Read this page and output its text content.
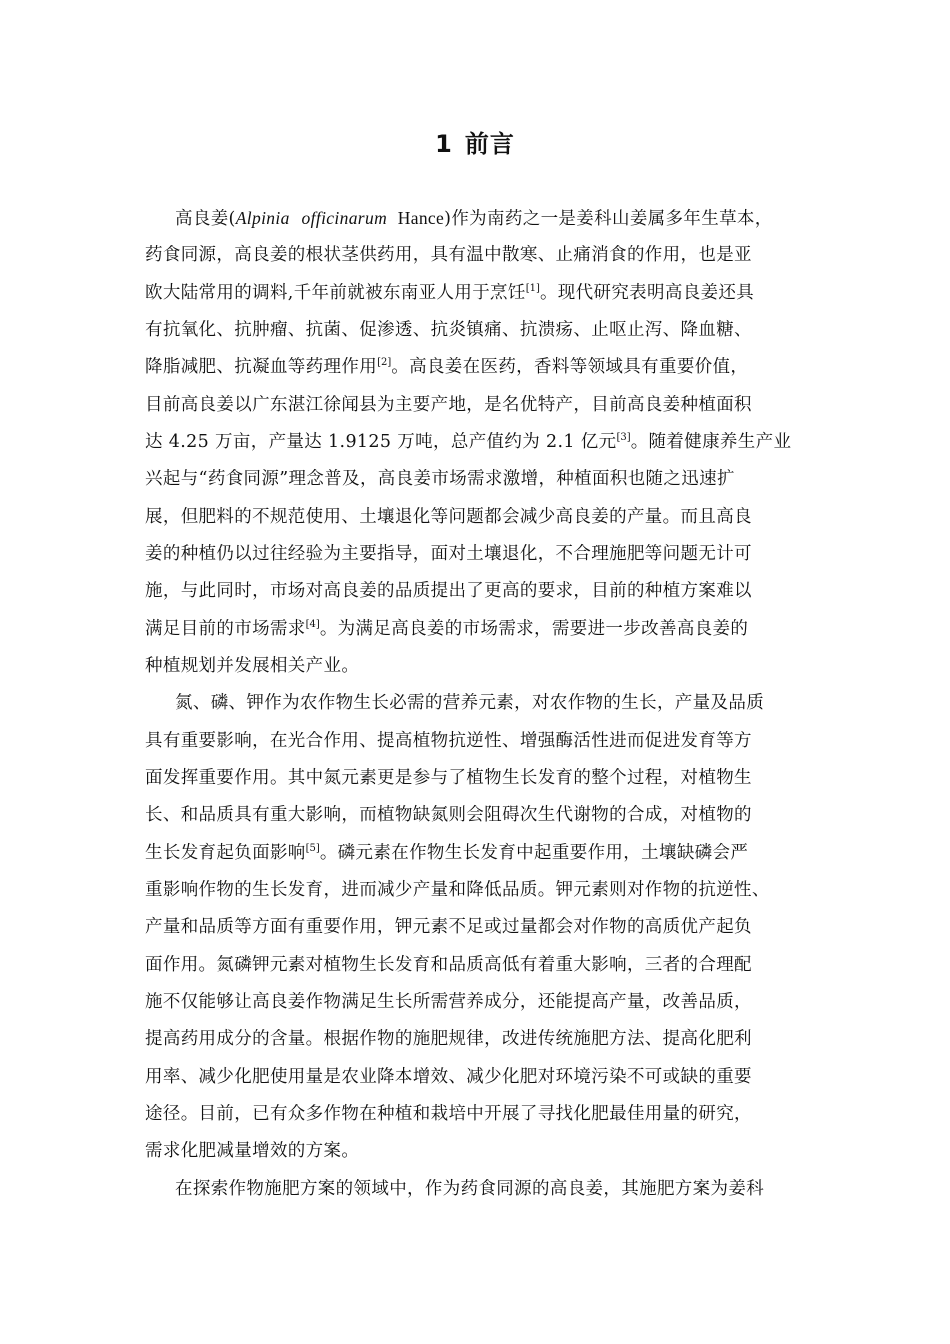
1 前言
高良姜(Alpinia officinarum  Hance)作为南药之一是姜科山姜属多年生草本，
药食同源，高良姜的根状茎供药用，具有温中散寒、止痛消食的作用，也是亚
欧大陆常用的调料,千年前就被东南亚人用于烹饪[1]。现代研究表明高良姜还具
有抗氧化、抗肿瘤、抗菌、促渗透、抗炎镇痛、抗溃疡、止呕止泻、降血糖、
降脂减肥、抗凝血等药理作用[2]。高良姜在医药，香料等领域具有重要价值，
目前高良姜以广东湛江徐闻县为主要产地，是名优特产，目前高良姜种植面积
达 4.25 万亩，产量达 1.9125 万吨，总产值约为 2.1 亿元[3]。随着健康养生产业
兴起与“药食同源”理念普及，高良姜市场需求激增，种植面积也随之迅速扩
展，但肥料的不规范使用、土壤退化等问题都会减少高良姜的产量。而且高良
姜的种植仍以过往经验为主要指导，面对土壤退化，不合理施肥等问题无计可
施，与此同时，市场对高良姜的品质提出了更高的要求，目前的种植方案难以
满足目前的市场需求[4]。为满足高良姜的市场需求，需要进一步改善高良姜的
种植规划并发展相关产业。
氮、磷、钾作为农作物生长必需的营养元素，对农作物的生长，产量及品质
具有重要影响，在光合作用、提高植物抗逆性、增强酶活性进而促进发育等方
面发挥重要作用。其中氮元素更是参与了植物生长发育的整个过程，对植物生
长、和品质具有重大影响，而植物缺氮则会阻碍次生代谢物的合成，对植物的
生长发育起负面影响[5]。磷元素在作物生长发育中起重要作用，土壤缺磷会严
重影响作物的生长发育，进而减少产量和降低品质。钾元素则对作物的抗逆性、
产量和品质等方面有重要作用，钾元素不足或过量都会对作物的高质优产起负
面作用。氮磷钾元素对植物生长发育和品质高低有着重大影响，三者的合理配
施不仅能够让高良姜作物满足生长所需营养成分，还能提高产量，改善品质，
提高药用成分的含量。根据作物的施肥规律，改进传统施肥方法、提高化肥利
用率、减少化肥使用量是农业降本增效、减少化肥对环境污染不可或缺的重要
途径。目前，已有众多作物在种植和栽培中开展了寻找化肥最佳用量的研究，
需求化肥减量增效的方案。
在探索作物施肥方案的领域中，作为药食同源的高良姜，其施肥方案为姜科
